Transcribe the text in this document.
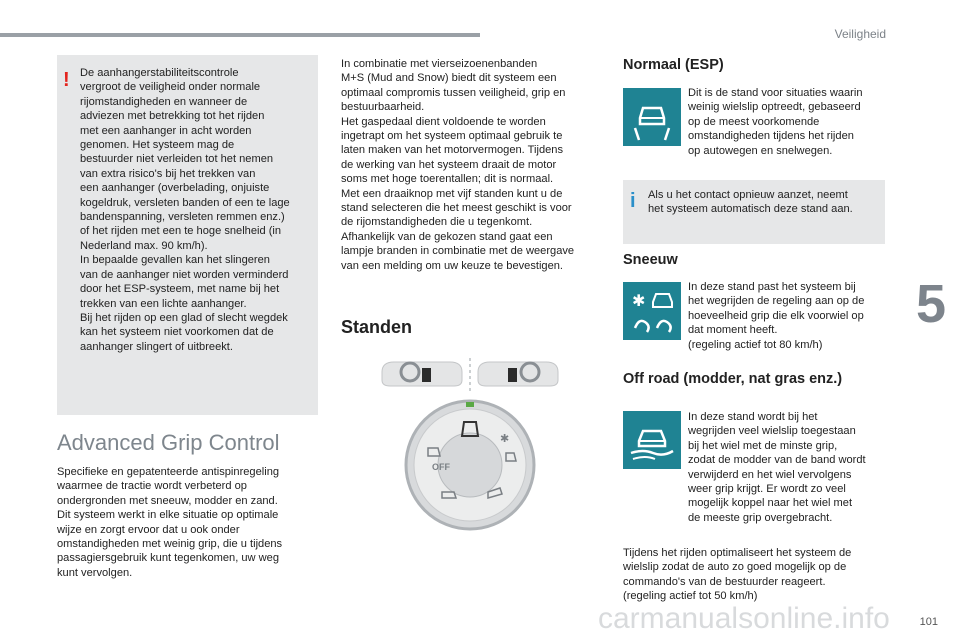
Veiligheid
5
! De aanhangerstabiliteitscontrole
vergroot de veiligheid onder normale
rijomstandigheden en wanneer de
adviezen met betrekking tot het rijden
met een aanhanger in acht worden
genomen. Het systeem mag de
bestuurder niet verleiden tot het nemen
van extra risico's bij het trekken van
een aanhanger (overbelading, onjuiste
kogeldruk, versleten banden of een te lage
bandenspanning, versleten remmen enz.)
of het rijden met een te hoge snelheid (in
Nederland max. 90 km/h).
In bepaalde gevallen kan het slingeren
van de aanhanger niet worden verminderd
door het ESP-systeem, met name bij het
trekken van een lichte aanhanger.
Bij het rijden op een glad of slecht wegdek
kan het systeem niet voorkomen dat de
aanhanger slingert of uitbreekt.
Advanced Grip Control
Specifieke en gepatenteerde antispinregeling
waarmee de tractie wordt verbeterd op
ondergronden met sneeuw, modder en zand.
Dit systeem werkt in elke situatie op optimale
wijze en zorgt ervoor dat u ook onder
omstandigheden met weinig grip, die u tijdens
passagiersgebruik kunt tegenkomen, uw weg
kunt vervolgen.
In combinatie met vierseizoenenbanden
M+S (Mud and Snow) biedt dit systeem een
optimaal compromis tussen veiligheid, grip en
bestuurbaarheid.
Het gaspedaal dient voldoende te worden
ingetrapt om het systeem optimaal gebruik te
laten maken van het motorvermogen. Tijdens
de werking van het systeem draait de motor
soms met hoge toerentallen; dit is normaal.
Met een draaiknop met vijf standen kunt u de
stand selecteren die het meest geschikt is voor
de rijomstandigheden die u tegenkomt.
Afhankelijk van de gekozen stand gaat een
lampje branden in combinatie met de weergave
van een melding om uw keuze te bevestigen.
Standen
✱
OFF
Normaal (ESP)
Dit is de stand voor situaties waarin
weinig wielslip optreedt, gebaseerd
op de meest voorkomende
omstandigheden tijdens het rijden
op autowegen en snelwegen.
i Als u het contact opnieuw aanzet, neemt
het systeem automatisch deze stand aan.
Sneeuw
✱
In deze stand past het systeem bij
het wegrijden de regeling aan op de
hoeveelheid grip die elk voorwiel op
dat moment heeft.
(regeling actief tot 80 km/h)
Off road (modder, nat gras enz.)
In deze stand wordt bij het
wegrijden veel wielslip toegestaan
bij het wiel met de minste grip,
zodat de modder van de band wordt
verwijderd en het wiel vervolgens
weer grip krijgt. Er wordt zo veel
mogelijk koppel naar het wiel met
de meeste grip overgebracht.
Tijdens het rijden optimaliseert het systeem de
wielslip zodat de auto zo goed mogelijk op de
commando's van de bestuurder reageert.
(regeling actief tot 50 km/h)
carmanualsonline.info	101
